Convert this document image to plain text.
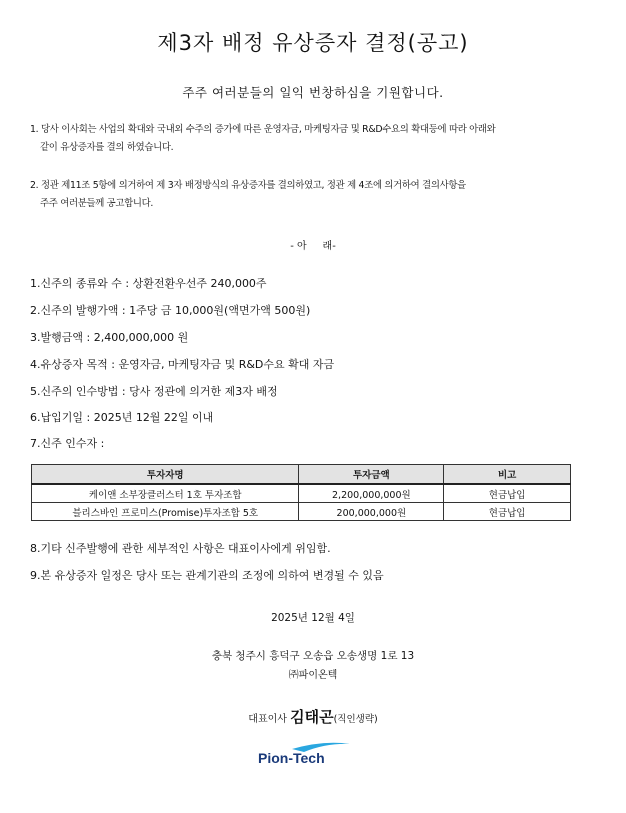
제3자 배정 유상증자 결정(공고)
주주 여러분들의 일익 번창하심을 기원합니다.
1. 당사 이사회는 사업의 확대와 국내외 수주의 증가에 따른 운영자금, 마케팅자금 및 R&D수요의 확대등에 따라 아래와
같이 유상증자를 결의 하였습니다.
2. 정관 제11조 5항에 의거하여 제 3자 배정방식의 유상증자를 결의하였고, 정관 제 4조에 의거하여 결의사항을
주주 여러분들께 공고합니다.
- 아     래-
1.신주의 종류와 수 : 상환전환우선주 240,000주
2.신주의 발행가액 : 1주당 금 10,000원(액면가액 500원)
3.발행금액 : 2,400,000,000 원
4.유상증자 목적 : 운영자금, 마케팅자금 및 R&D수요 확대 자금
5.신주의 인수방법 : 당사 정관에 의거한 제3자 배정
6.납입기일 : 2025년 12월 22일 이내
7.신주 인수자 :
투자자명	투자금액	비고
케이앤 소부장클러스터 1호 투자조합	2,200,000,000원	현금납입
블리스바인 프로미스(Promise)투자조합 5호	200,000,000원	현금납입
8.기타 신주발행에 관한 세부적인 사항은 대표이사에게 위임함.
9.본 유상증자 일정은 당사 또는 관계기관의 조정에 의하여 변경될 수 있음
2025년 12월 4일
충북 청주시 흥덕구 오송읍 오송생명 1로 13
㈜파이온텍
대표이사 김태곤(직인생략)
Pion-Tech
